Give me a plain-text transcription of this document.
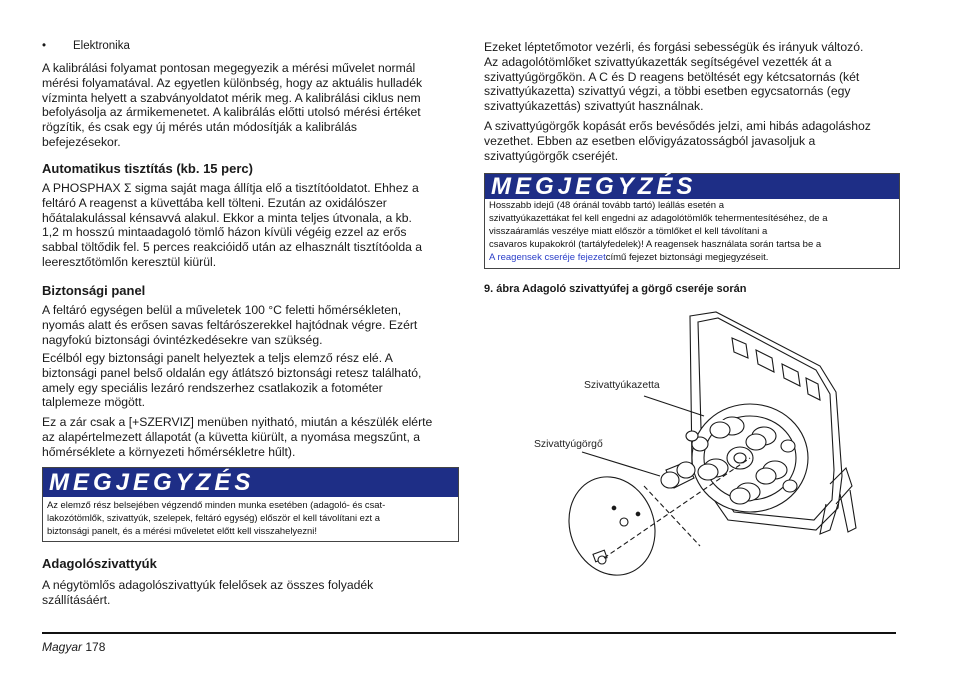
• Elektronika

A kalibrálási folyamat pontosan megegyezik a mérési művelet normál

mérési folyamatával. Az egyetlen különbség, hogy az aktuális hulladék

vízminta helyett a szabványoldatot mérik meg. A kalibrálási ciklus nem

befolyásolja az ármikemenetet. A kalibrálás előtti utolsó mérési értéket

rögzítik, és csak egy új mérés után módosítják a kalibrálás

befejezésekor.

Automatikus tisztítás (kb. 15 perc)

A PHOSPHAX Σ sigma saját maga állítja elő a tisztítóoldatot. Ehhez a

feltáró A reagenst a küvettába kell tölteni. Ezután az oxidálószer

hőátalakulással kénsavvá alakul. Ekkor a minta teljes útvonala, a kb.

1,2 m hosszú mintaadagoló tömlő házon kívüli végéig ezzel az erős

sabbal töltődik fel. 5 perces reakcióidő után az elhasznált tisztítóolda a

leeresztőtömlőn keresztül kiürül.

Biztonsági panel

A feltáró egységen belül a műveletek 100 °C feletti hőmérsékleten,

nyomás alatt és erősen savas feltárószerekkel hajtódnak végre. Ezért

nagyfokú biztonsági óvintézkedésekre van szükség.

Ecélból egy biztonsági panelt helyeztek a teljs elemző rész elé. A

biztonsági panel belső oldalán egy átlátszó biztonsági retesz található,

amely egy speciális lezáró rendszerhez csatlakozik a fotométer

talplemeze mögött.

Ez a zár csak a [+SZERVIZ] menüben nyitható, miután a készülék elérte

az alapértelmezett állapotát (a küvetta kiürült, a nyomása megszűnt, a

hőmérséklete a környezeti hőmérsékletre hűlt).

MEGJEGYZÉS
Az elemző rész belsejében végzendő minden munka esetében (adagoló- és csat-
lakozótömlők, szivattyúk, szelepek, feltáró egység) először el kell távolítani ezt a
biztonsági panelt, és a mérési műveletet előtt kell visszahelyezni!
Adagolószivattyúk

A négytömlős adagolószivattyúk felelősek az összes folyadék

szállításáért.

Ezeket léptetőmotor vezérli, és forgási sebességük és irányuk változó.

Az adagolótömlőket szivattyúkazetták segítségével vezették át a

szivattyúgörgőkön. A C és D reagens betöltését egy kétcsatornás (két

szivattyúkazetta) szivattyú végzi, a többi esetben egycsatornás (egy

szivattyúkazettás) szivattyút használnak.

A szivattyúgörgők kopását erős bevésődés jelzi, ami hibás adagoláshoz

vezethet. Ebben az esetben elővigyázatosságból javasoljuk a

szivattyúgörgők cseréjét.

MEGJEGYZÉS
Hosszabb idejű (48 óránál tovább tartó) leállás esetén a
szivattyúkazettákat fel kell engedni az adagolótömlők tehermentesítéséhez, de a
visszaáramlás veszélye miatt először a tömlőket el kell távolítani a
csavaros kupakokról (tartályfedelek)! A reagensek használata során tartsa be a
A reagensek cseréje fejezetcímű fejezet biztonsági megjegyzéseit.
9. ábra Adagoló szivattyúfej a görgő cseréje során
Szivattyúkazetta
Szivattyúgörgő
Magyar 178
